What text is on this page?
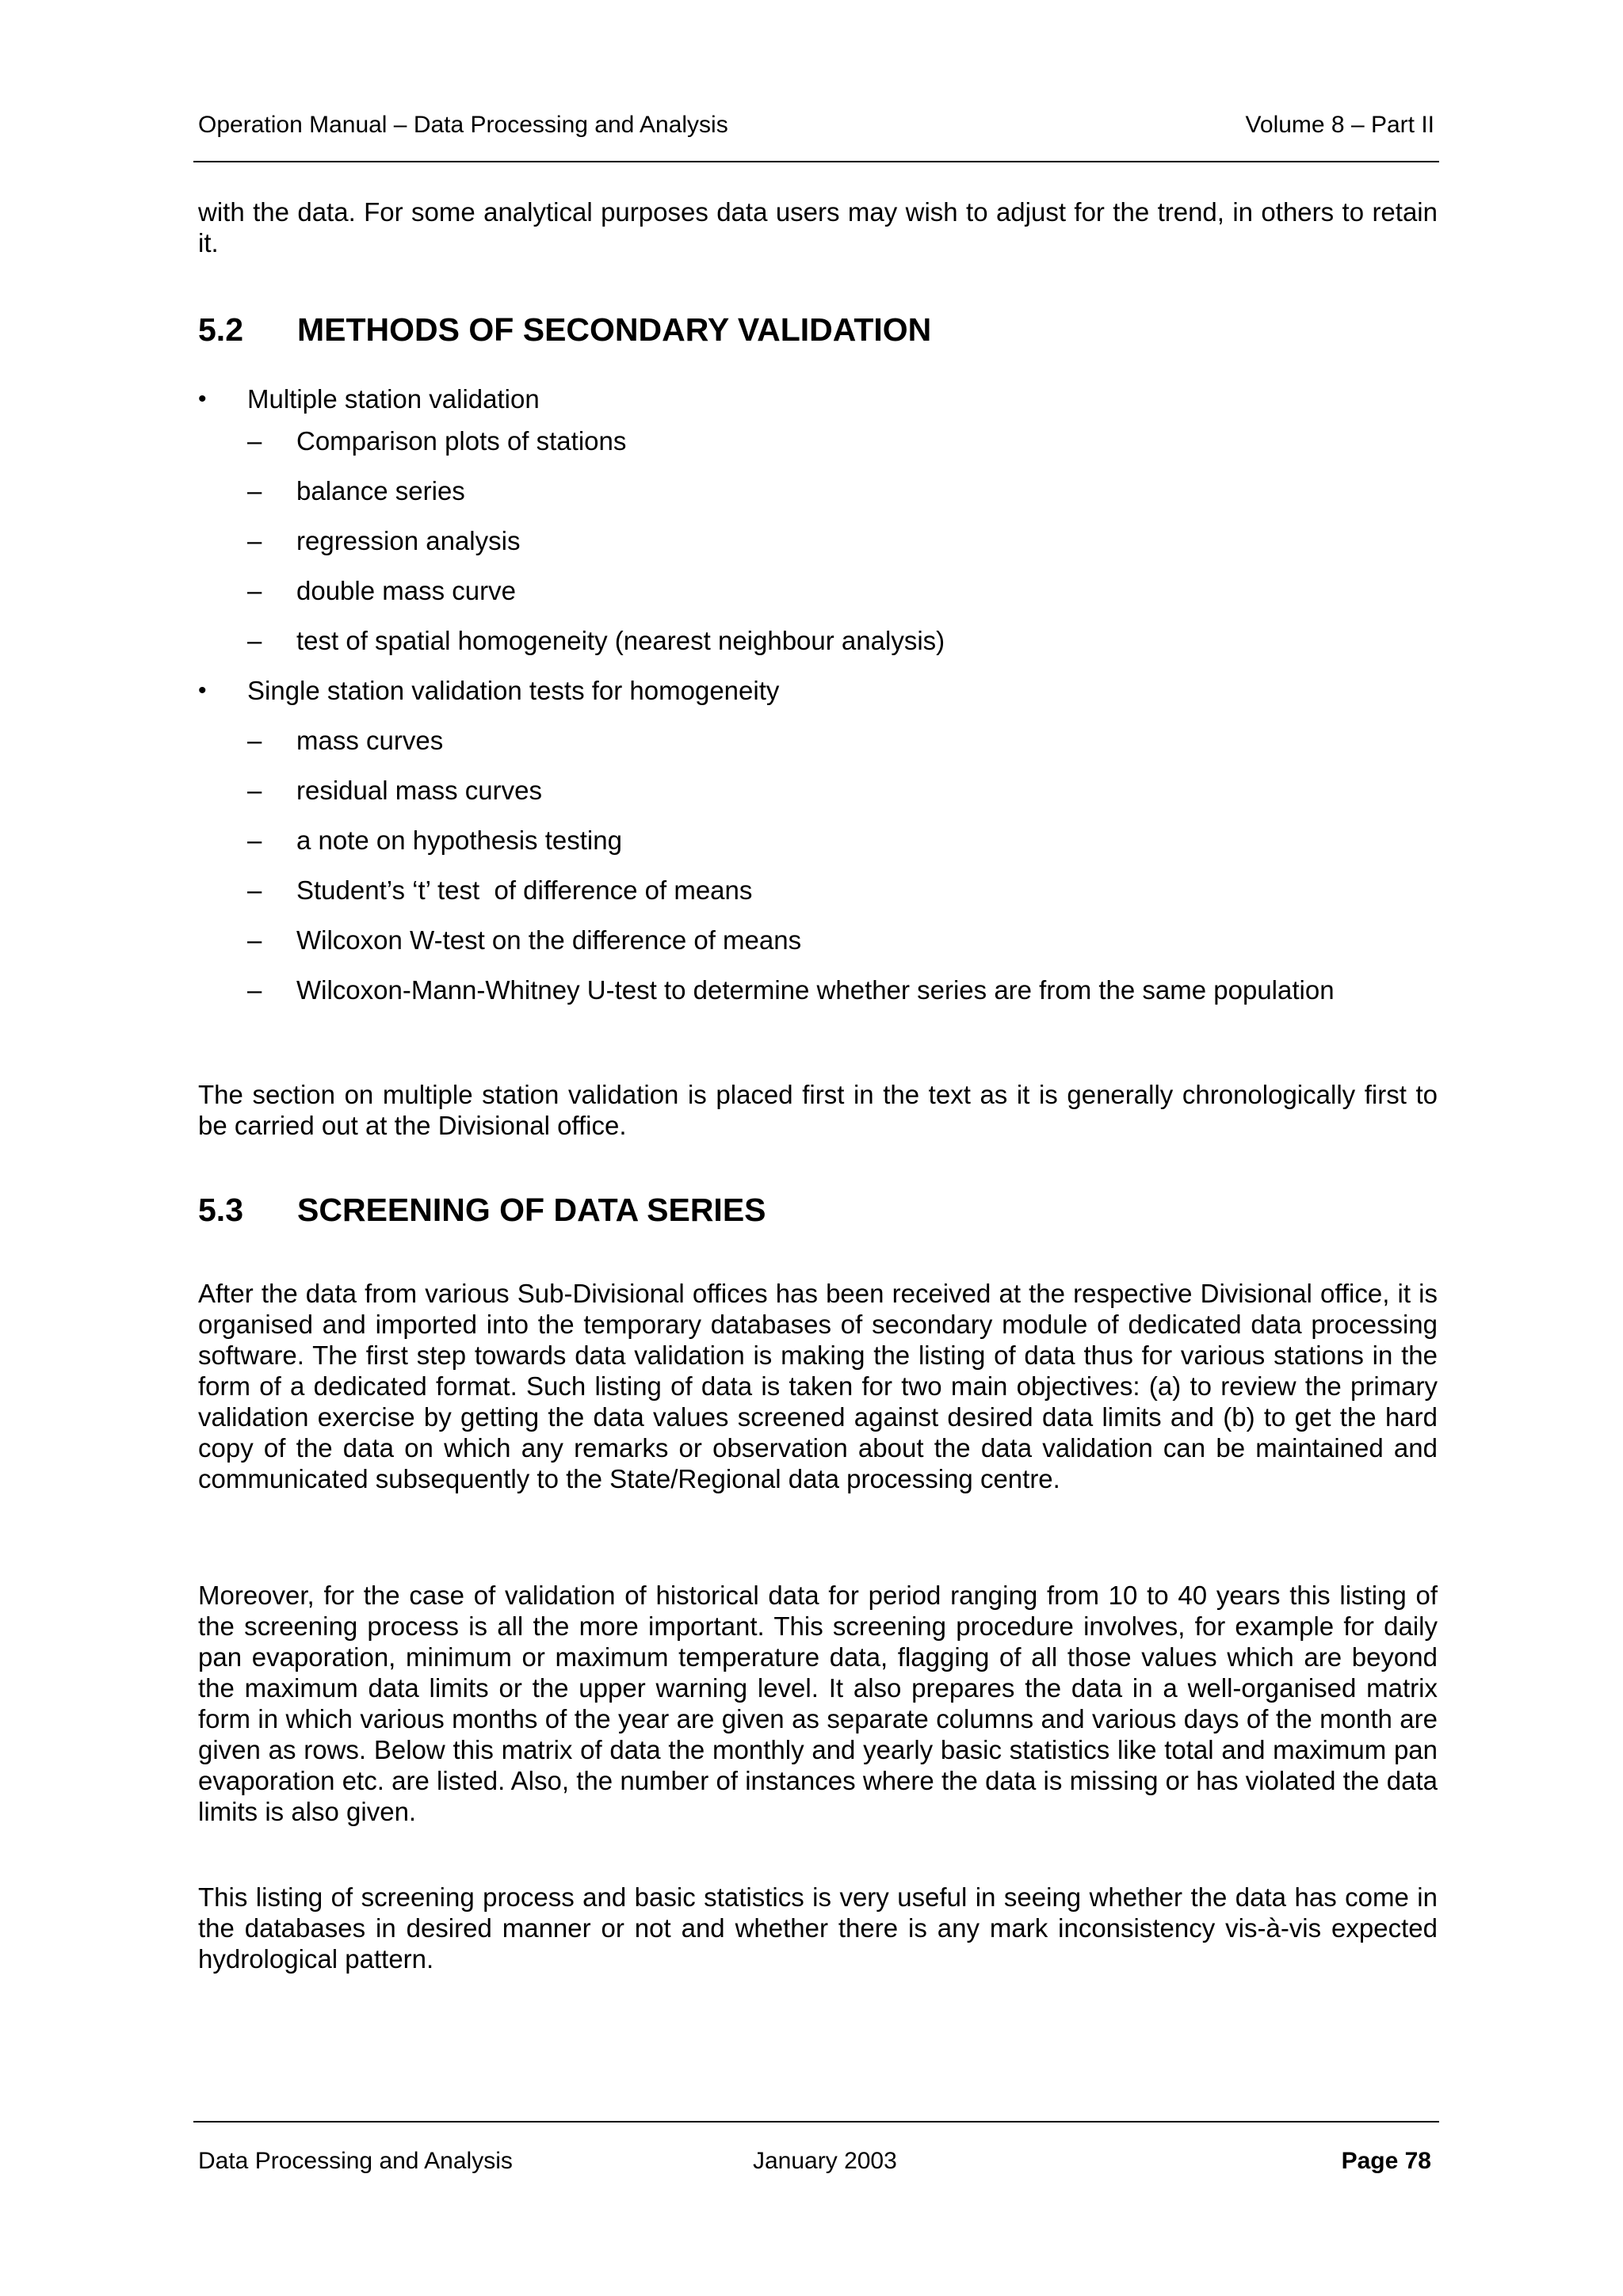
Operation Manual – Data Processing and Analysis	Volume 8 – Part II

with the data. For some analytical purposes data users may wish to adjust for the trend, in others to retain it.

5.2 METHODS OF SECONDARY VALIDATION
•	Multiple station validation
– Comparison plots of stations
– balance series
– regression analysis
– double mass curve
– test of spatial homogeneity (nearest neighbour analysis)
•	Single station validation tests for homogeneity
– mass curves
– residual mass curves
– a note on hypothesis testing
– Student’s ‘t’ test  of difference of means
– Wilcoxon W-test on the difference of means
– Wilcoxon-Mann-Whitney U-test to determine whether series are from the same population

The section on multiple station validation is placed first in the text as it is generally chronologically first to be carried out at the Divisional office.

5.3 SCREENING OF DATA SERIES

After the data from various Sub-Divisional offices has been received at the respective Divisional office, it is organised and imported into the temporary databases of secondary module of dedicated data processing software. The first step towards data validation is making the listing of data thus for various stations in the form of a dedicated format. Such listing of data is taken for two main objectives: (a) to review the primary validation exercise by getting the data values screened against desired data limits and (b) to get the hard copy of the data on which any remarks or observation about the data validation can be maintained and communicated subsequently to the State/Regional data processing centre.

Moreover, for the case of validation of historical data for period ranging from 10 to 40 years this listing of the screening process is all the more important. This screening procedure involves, for example for daily pan evaporation, minimum or maximum temperature data, flagging of all those values which are beyond the maximum data limits or the upper warning level. It also prepares the data in a well-organised matrix form in which various months of the year are given as separate columns and various days of the month are given as rows. Below this matrix of data the monthly and yearly basic statistics like total and maximum pan evaporation etc. are listed. Also, the number of instances where the data is missing or has violated the data limits is also given.

This listing of screening process and basic statistics is very useful in seeing whether the data has come in the databases in desired manner or not and whether there is any mark inconsistency vis-à-vis expected hydrological pattern.

Data Processing and Analysis	January 2003	Page 78
